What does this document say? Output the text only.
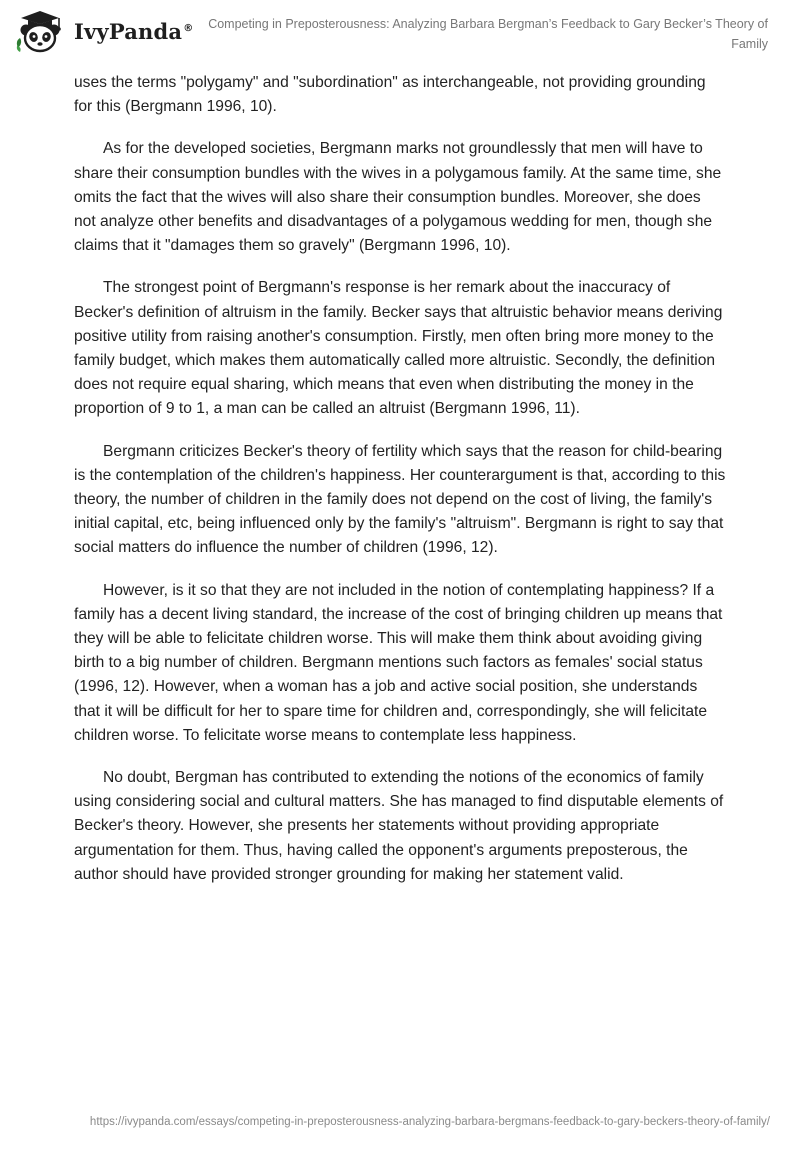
IvyPanda®	Competing in Preposterousness: Analyzing Barbara Bergman’s Feedback to Gary Becker’s Theory of Family

uses the terms "polygamy" and "subordination" as interchangeable, not providing grounding for this (Bergmann 1996, 10).

As for the developed societies, Bergmann marks not groundlessly that men will have to share their consumption bundles with the wives in a polygamous family. At the same time, she omits the fact that the wives will also share their consumption bundles. Moreover, she does not analyze other benefits and disadvantages of a polygamous wedding for men, though she claims that it "damages them so gravely" (Bergmann 1996, 10).

The strongest point of Bergmann's response is her remark about the inaccuracy of Becker's definition of altruism in the family. Becker says that altruistic behavior means deriving positive utility from raising another's consumption. Firstly, men often bring more money to the family budget, which makes them automatically called more altruistic. Secondly, the definition does not require equal sharing, which means that even when distributing the money in the proportion of 9 to 1, a man can be called an altruist (Bergmann 1996, 11).

Bergmann criticizes Becker's theory of fertility which says that the reason for child-bearing is the contemplation of the children's happiness. Her counterargument is that, according to this theory, the number of children in the family does not depend on the cost of living, the family's initial capital, etc, being influenced only by the family's "altruism". Bergmann is right to say that social matters do influence the number of children (1996, 12).

However, is it so that they are not included in the notion of contemplating happiness? If a family has a decent living standard, the increase of the cost of bringing children up means that they will be able to felicitate children worse. This will make them think about avoiding giving birth to a big number of children. Bergmann mentions such factors as females' social status (1996, 12). However, when a woman has a job and active social position, she understands that it will be difficult for her to spare time for children and, correspondingly, she will felicitate children worse. To felicitate worse means to contemplate less happiness.

No doubt, Bergman has contributed to extending the notions of the economics of family using considering social and cultural matters. She has managed to find disputable elements of Becker's theory. However, she presents her statements without providing appropriate argumentation for them. Thus, having called the opponent's arguments preposterous, the author should have provided stronger grounding for making her statement valid.

https://ivypanda.com/essays/competing-in-preposterousness-analyzing-barbara-bergmans-feedback-to-gary-beckers-theory-of-family/
